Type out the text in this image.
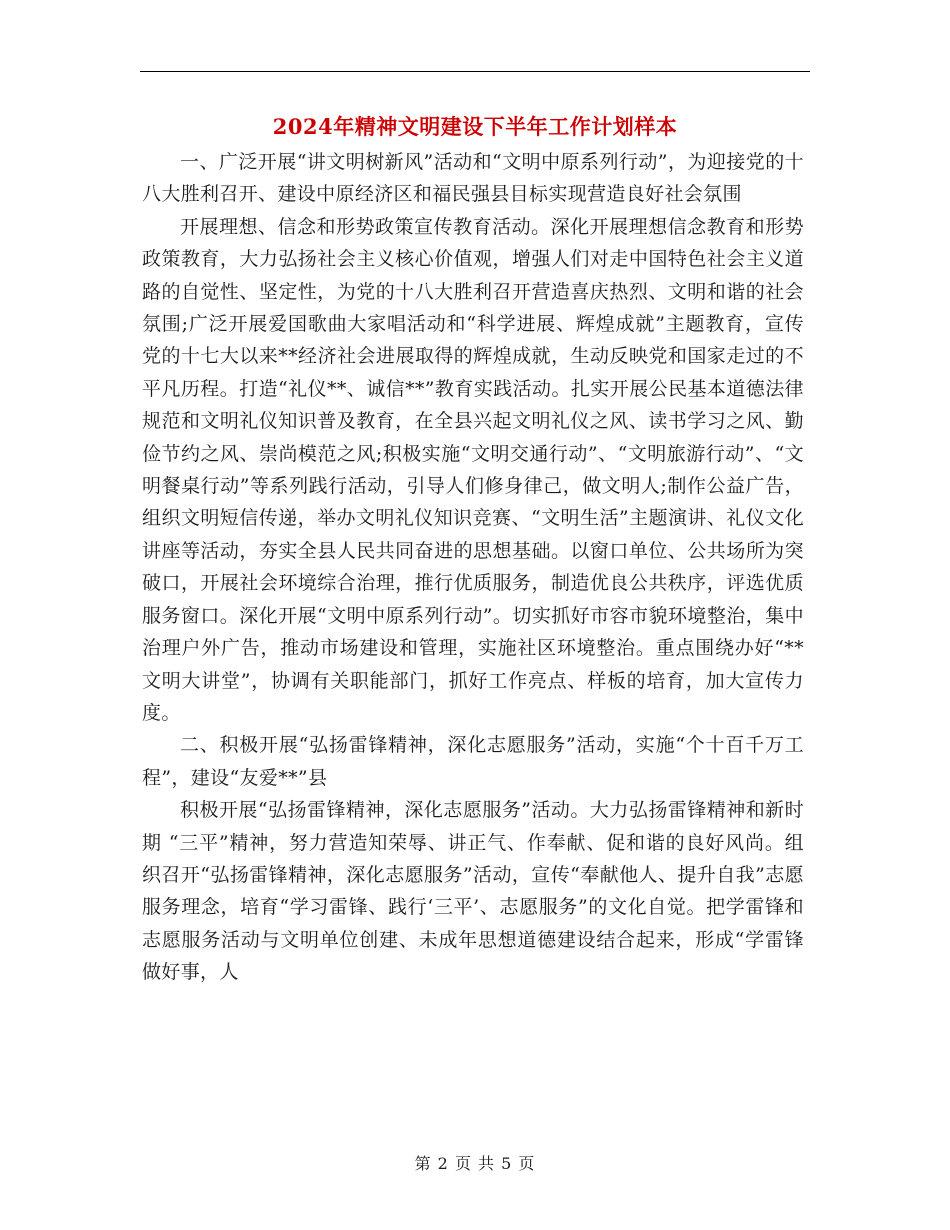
2024年精神文明建设下半年工作计划样本

一、广泛开展“讲文明树新风”活动和“文明中原系列行动”，为迎接党的十八大胜利召开、建设中原经济区和福民强县目标实现营造良好社会氛围

开展理想、信念和形势政策宣传教育活动。深化开展理想信念教育和形势政策教育，大力弘扬社会主义核心价值观，增强人们对走中国特色社会主义道路的自觉性、坚定性，为党的十八大胜利召开营造喜庆热烈、文明和谐的社会氛围;广泛开展爱国歌曲大家唱活动和“科学进展、辉煌成就”主题教育，宣传党的十七大以来**经济社会进展取得的辉煌成就，生动反映党和国家走过的不平凡历程。打造“礼仪**、诚信**”教育实践活动。扎实开展公民基本道德法律规范和文明礼仪知识普及教育，在全县兴起文明礼仪之风、读书学习之风、勤俭节约之风、崇尚模范之风;积极实施“文明交通行动”、“文明旅游行动”、“文明餐桌行动”等系列践行活动，引导人们修身律己，做文明人;制作公益广告，组织文明短信传递，举办文明礼仪知识竞赛、“文明生活”主题演讲、礼仪文化讲座等活动，夯实全县人民共同奋进的思想基础。以窗口单位、公共场所为突破口，开展社会环境综合治理，推行优质服务，制造优良公共秩序，评选优质服务窗口。深化开展“文明中原系列行动”。切实抓好市容市貌环境整治，集中治理户外广告，推动市场建设和管理，实施社区环境整治。重点围绕办好“**文明大讲堂”，协调有关职能部门，抓好工作亮点、样板的培育，加大宣传力度。

二、积极开展“弘扬雷锋精神，深化志愿服务”活动，实施“个十百千万工程”，建设“友爱**”县

积极开展“弘扬雷锋精神，深化志愿服务”活动。大力弘扬雷锋精神和新时期 “三平”精神，努力营造知荣辱、讲正气、作奉献、促和谐的良好风尚。组织召开“弘扬雷锋精神，深化志愿服务”活动，宣传“奉献他人、提升自我”志愿服务理念，培育“学习雷锋、践行‘三平’、志愿服务”的文化自觉。把学雷锋和志愿服务活动与文明单位创建、未成年思想道德建设结合起来，形成“学雷锋做好事，人

第 2 页 共 5 页
